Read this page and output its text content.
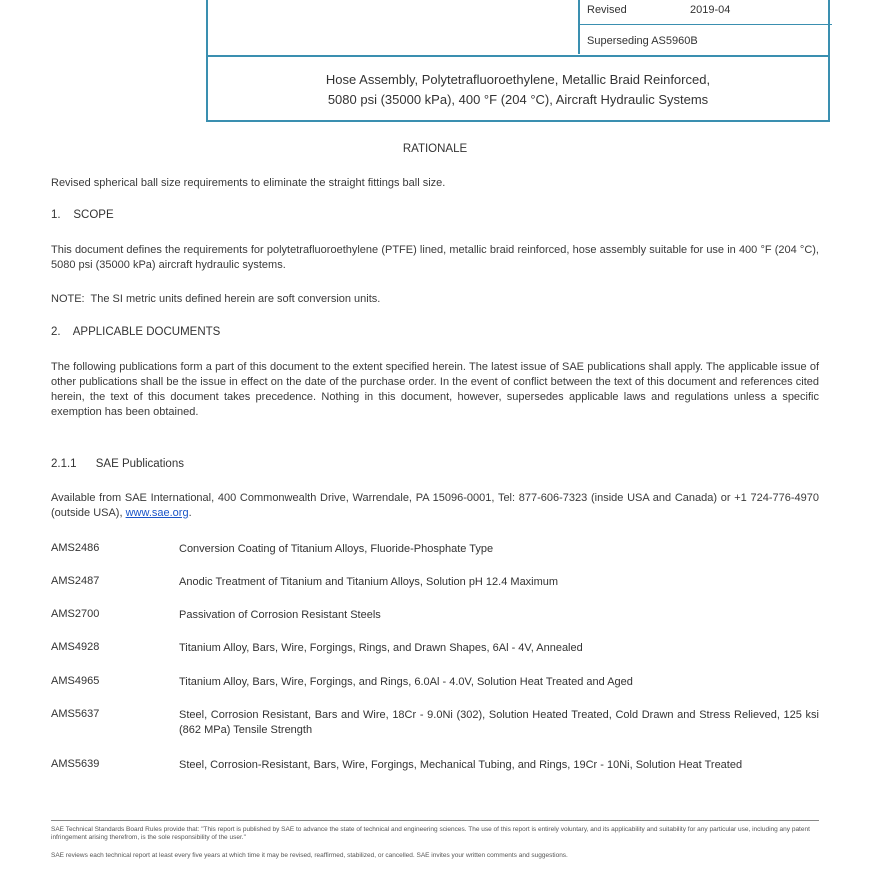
Revised	2019-04
Superseding AS5960B
Hose Assembly, Polytetrafluoroethylene, Metallic Braid Reinforced,
5080 psi (35000 kPa), 400 °F (204 °C), Aircraft Hydraulic Systems
RATIONALE
Revised spherical ball size requirements to eliminate the straight fittings ball size.
1.    SCOPE
This document defines the requirements for polytetrafluoroethylene (PTFE) lined, metallic braid reinforced, hose assembly suitable for use in 400 °F (204 °C), 5080 psi (35000 kPa) aircraft hydraulic systems.
NOTE:  The SI metric units defined herein are soft conversion units.
2.    APPLICABLE DOCUMENTS
The following publications form a part of this document to the extent specified herein. The latest issue of SAE publications shall apply. The applicable issue of other publications shall be the issue in effect on the date of the purchase order. In the event of conflict between the text of this document and references cited herein, the text of this document takes precedence. Nothing in this document, however, supersedes applicable laws and regulations unless a specific exemption has been obtained.
2.1.1      SAE Publications
Available from SAE International, 400 Commonwealth Drive, Warrendale, PA 15096-0001, Tel: 877-606-7323 (inside USA and Canada) or +1 724-776-4970 (outside USA), www.sae.org.
AMS2486	Conversion Coating of Titanium Alloys, Fluoride-Phosphate Type
AMS2487	Anodic Treatment of Titanium and Titanium Alloys, Solution pH 12.4 Maximum
AMS2700	Passivation of Corrosion Resistant Steels
AMS4928	Titanium Alloy, Bars, Wire, Forgings, Rings, and Drawn Shapes, 6Al - 4V, Annealed
AMS4965	Titanium Alloy, Bars, Wire, Forgings, and Rings, 6.0Al - 4.0V, Solution Heat Treated and Aged
AMS5637	Steel, Corrosion Resistant, Bars and Wire, 18Cr - 9.0Ni (302), Solution Heated Treated, Cold Drawn and Stress Relieved, 125 ksi (862 MPa) Tensile Strength
AMS5639	Steel, Corrosion-Resistant, Bars, Wire, Forgings, Mechanical Tubing, and Rings, 19Cr - 10Ni, Solution Heat Treated
SAE Technical Standards Board Rules provide that: "This report is published by SAE to advance the state of technical and engineering sciences. The use of this report is entirely voluntary, and its applicability and suitability for any particular use, including any patent infringement arising therefrom, is the sole responsibility of the user."
SAE reviews each technical report at least every five years at which time it may be revised, reaffirmed, stabilized, or cancelled. SAE invites your written comments and suggestions.
